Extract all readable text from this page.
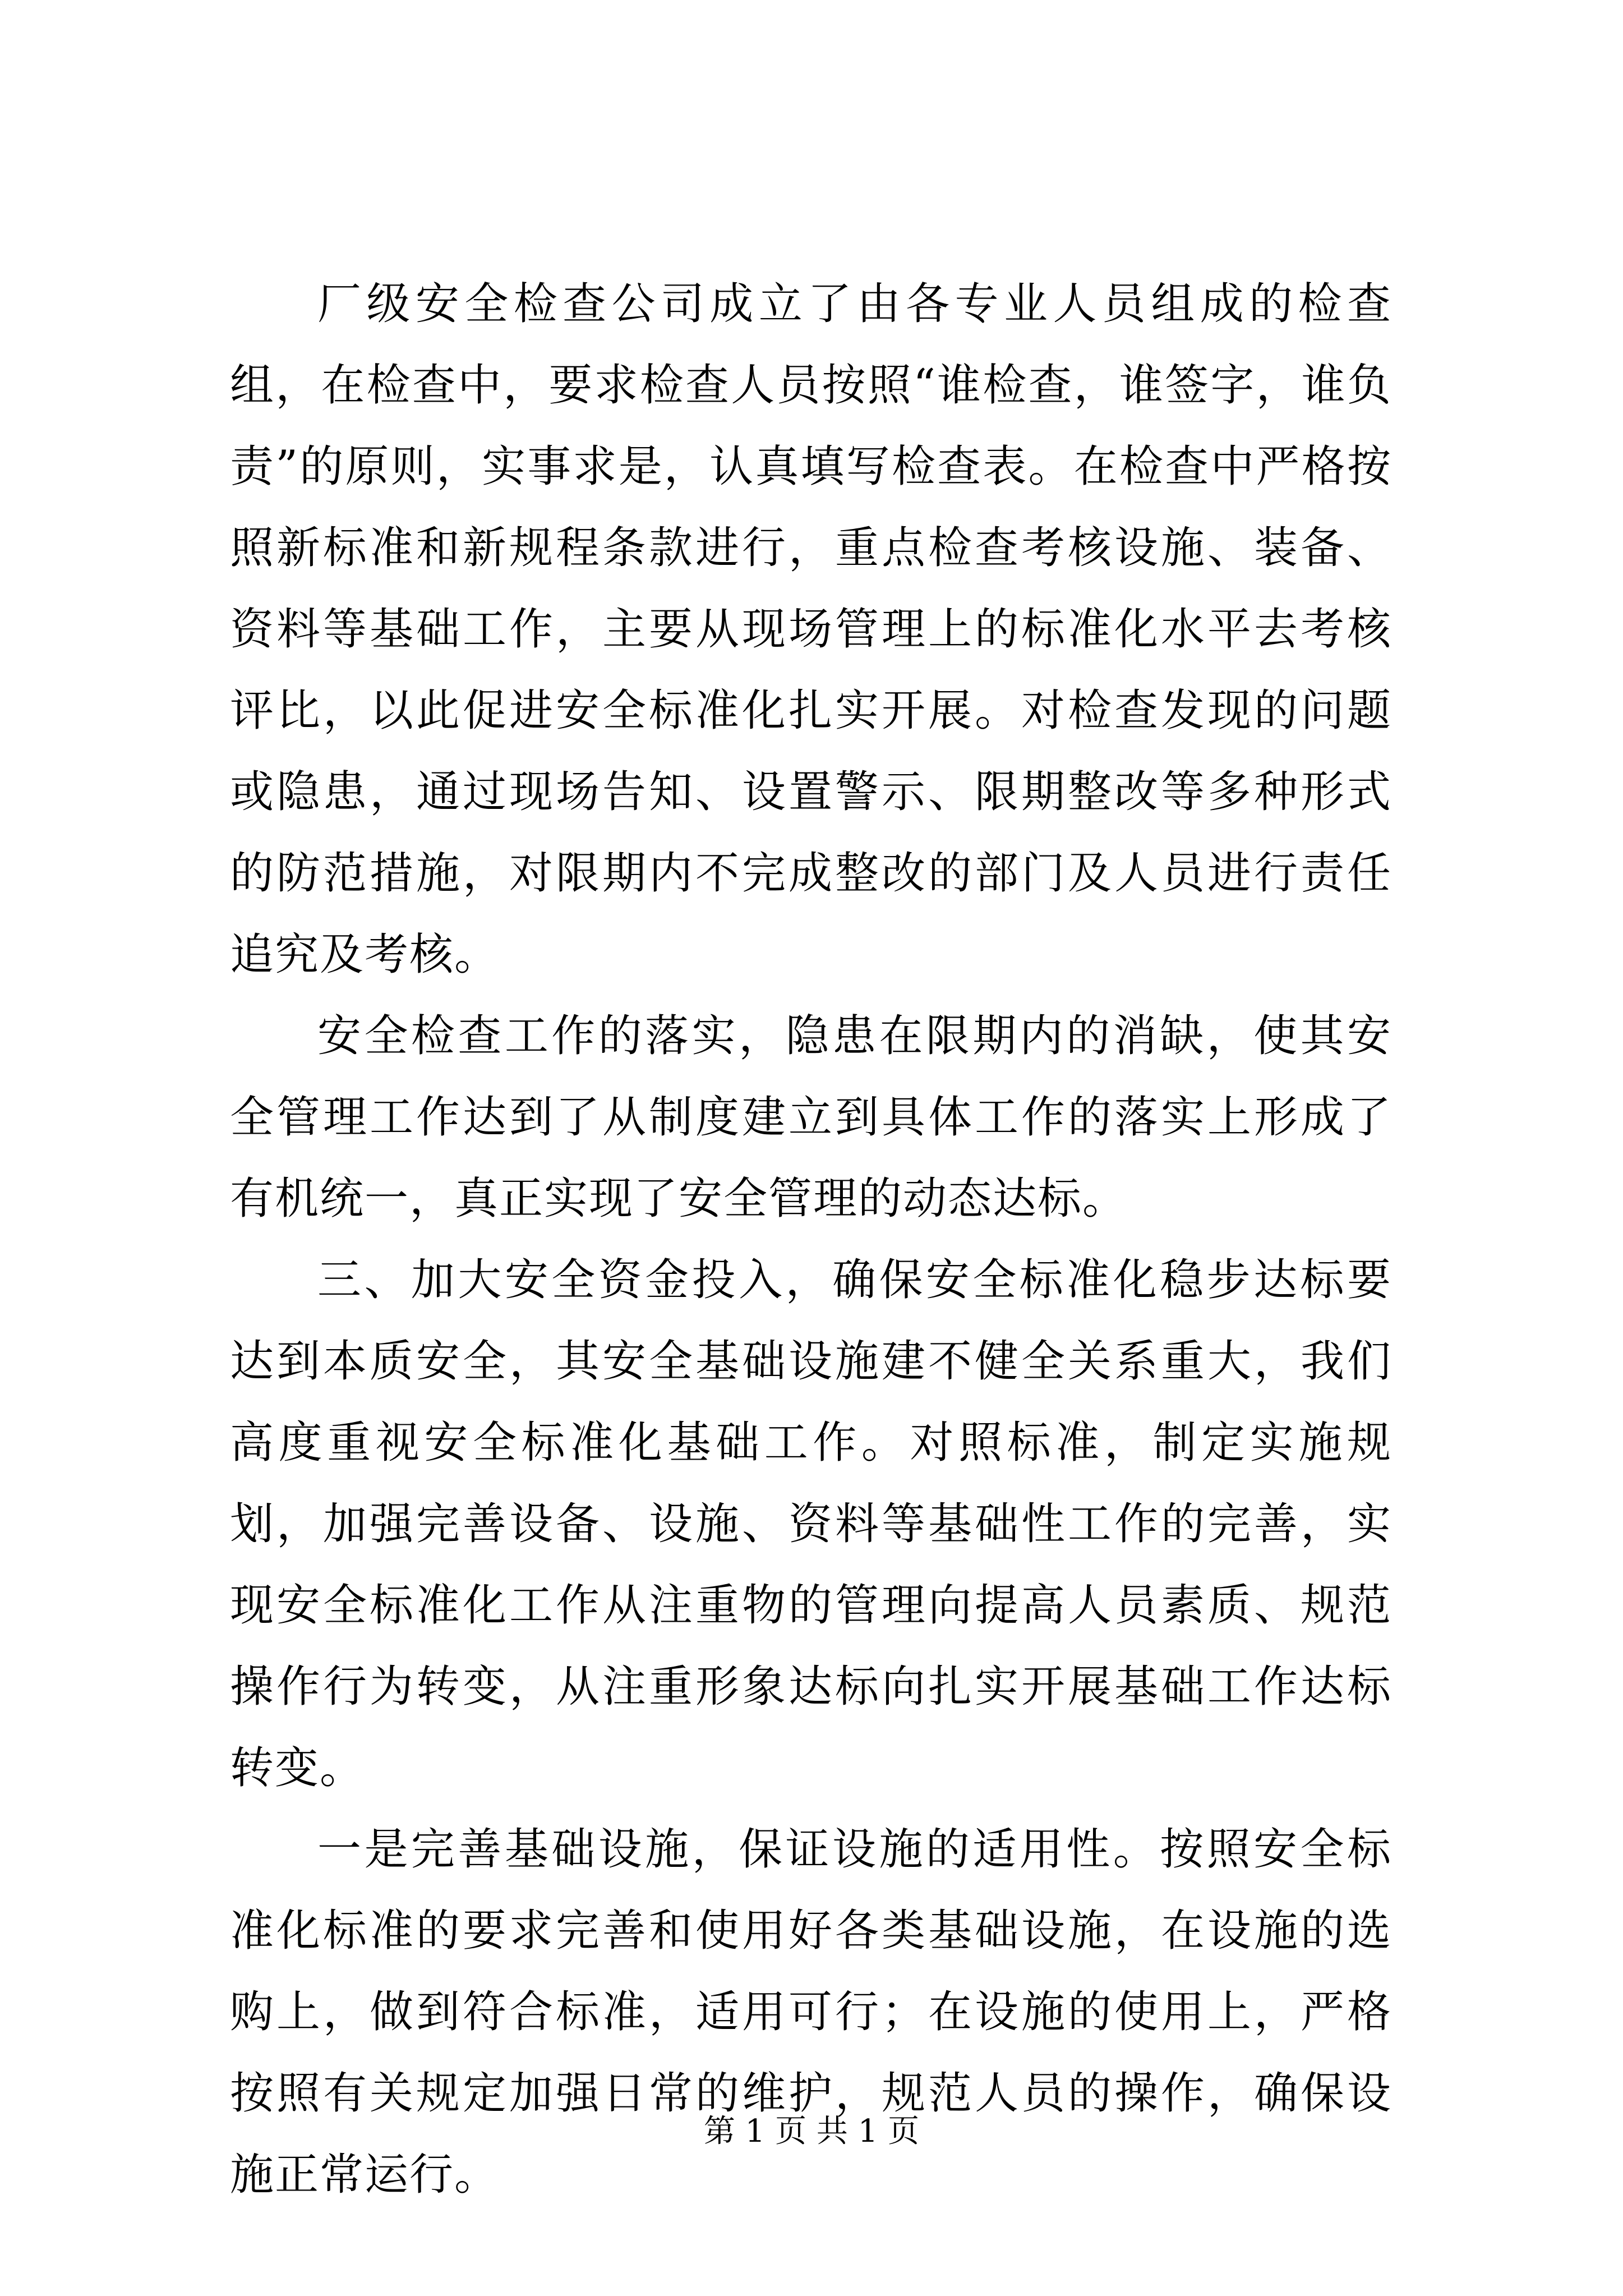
厂级安全检查公司成立了由各专业人员组成的检查组，在检查中，要求检查人员按照“谁检查，谁签字，谁负责”的原则，实事求是，认真填写检查表。在检查中严格按照新标准和新规程条款进行，重点检查考核设施、装备、资料等基础工作，主要从现场管理上的标准化水平去考核评比，以此促进安全标准化扎实开展。对检查发现的问题或隐患，通过现场告知、设置警示、限期整改等多种形式的防范措施，对限期内不完成整改的部门及人员进行责任追究及考核。

安全检查工作的落实，隐患在限期内的消缺，使其安全管理工作达到了从制度建立到具体工作的落实上形成了有机统一，真正实现了安全管理的动态达标。

三、加大安全资金投入，确保安全标准化稳步达标要达到本质安全，其安全基础设施建不健全关系重大，我们高度重视安全标准化基础工作。对照标准，制定实施规划，加强完善设备、设施、资料等基础性工作的完善，实现安全标准化工作从注重物的管理向提高人员素质、规范操作行为转变，从注重形象达标向扎实开展基础工作达标转变。

一是完善基础设施，保证设施的适用性。按照安全标准化标准的要求完善和使用好各类基础设施，在设施的选购上，做到符合标准，适用可行；在设施的使用上，严格按照有关规定加强日常的维护，规范人员的操作，确保设施正常运行。

第 1 页 共 1 页
